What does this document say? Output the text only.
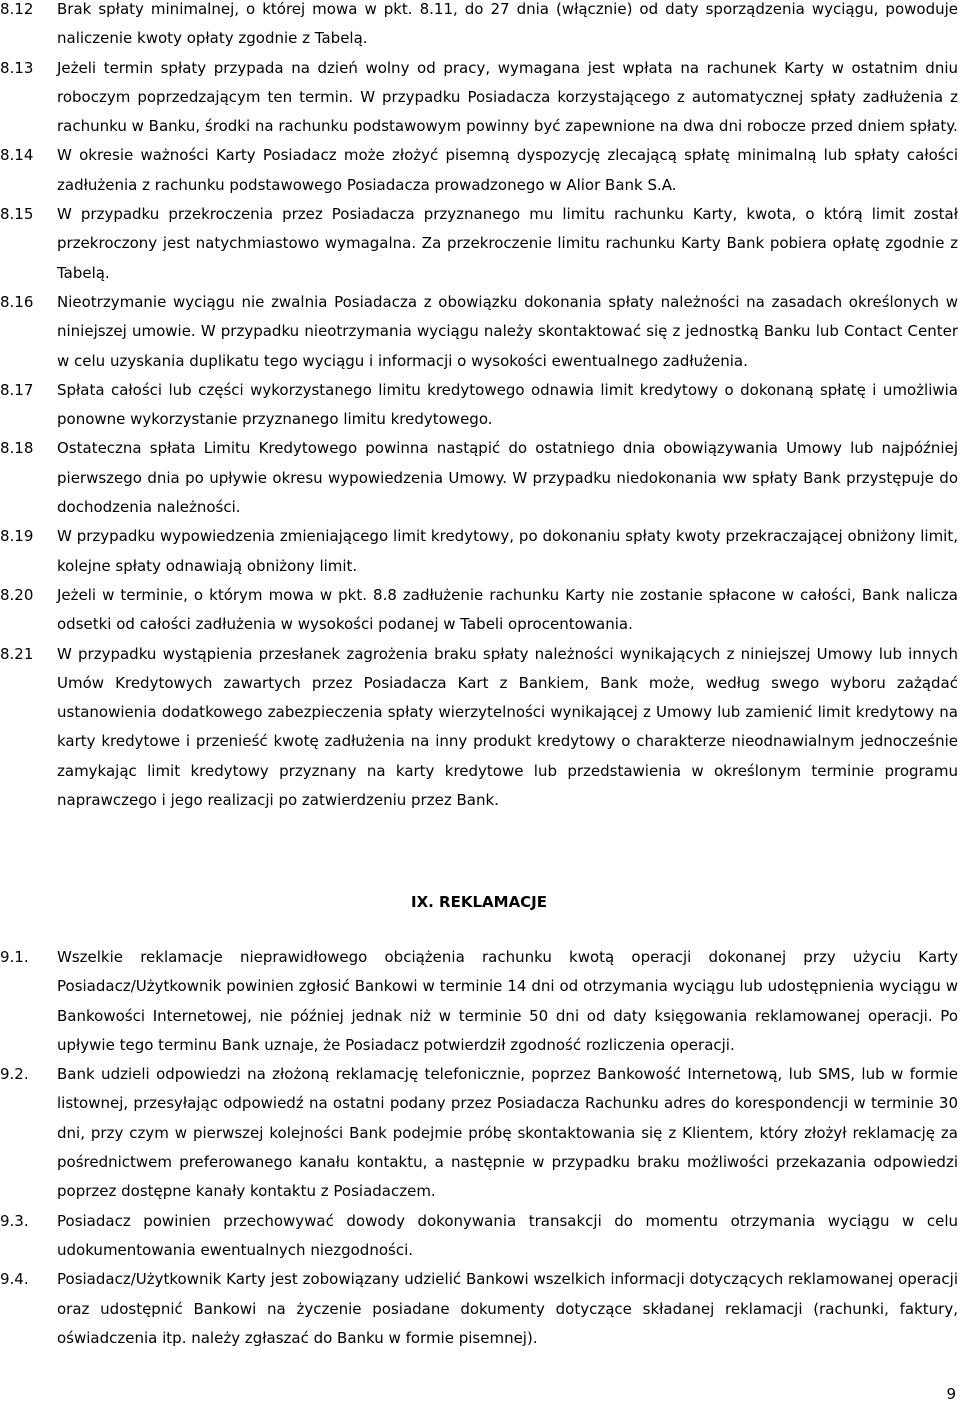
8.12	Brak spłaty minimalnej, o której mowa w pkt. 8.11, do 27 dnia (włącznie) od daty sporządzenia wyciągu, powoduje naliczenie kwoty opłaty zgodnie z Tabelą.
8.13	Jeżeli termin spłaty przypada na dzień wolny od pracy, wymagana jest wpłata na rachunek Karty w ostatnim dniu roboczym poprzedzającym ten termin. W przypadku Posiadacza korzystającego z automatycznej spłaty zadłużenia z rachunku w Banku, środki na rachunku podstawowym powinny być zapewnione na dwa dni robocze przed dniem spłaty.
8.14	W okresie ważności Karty Posiadacz może złożyć pisemną dyspozycję zlecającą spłatę minimalną lub spłaty całości zadłużenia z rachunku podstawowego Posiadacza prowadzonego w Alior Bank S.A.
8.15	W przypadku przekroczenia przez Posiadacza przyznanego mu limitu rachunku Karty, kwota, o którą limit został przekroczony jest natychmiastowo wymagalna. Za przekroczenie limitu rachunku Karty Bank pobiera opłatę zgodnie z Tabelą.
8.16	Nieotrzymanie wyciągu nie zwalnia Posiadacza z obowiązku dokonania spłaty należności na zasadach określonych w niniejszej umowie. W przypadku nieotrzymania wyciągu należy skontaktować się z jednostką Banku lub Contact Center w celu uzyskania duplikatu tego wyciągu i informacji o wysokości ewentualnego zadłużenia.
8.17	Spłata całości lub części wykorzystanego limitu kredytowego odnawia limit kredytowy o dokonaną spłatę i umożliwia ponowne wykorzystanie przyznanego limitu kredytowego.
8.18	Ostateczna spłata Limitu Kredytowego powinna nastąpić do ostatniego dnia obowiązywania Umowy lub najpóźniej pierwszego dnia po upływie okresu wypowiedzenia Umowy. W przypadku niedokonania ww spłaty Bank przystępuje do dochodzenia należności.
8.19	W przypadku wypowiedzenia zmieniającego limit kredytowy, po dokonaniu spłaty kwoty przekraczającej obniżony limit, kolejne spłaty odnawiają obniżony limit.
8.20	Jeżeli w terminie, o którym mowa w pkt. 8.8 zadłużenie rachunku Karty nie zostanie spłacone w całości, Bank nalicza odsetki od całości zadłużenia w wysokości podanej w Tabeli oprocentowania.
8.21	W przypadku wystąpienia przesłanek zagrożenia braku spłaty należności wynikających z niniejszej Umowy lub innych Umów Kredytowych zawartych przez Posiadacza Kart z Bankiem, Bank może, według swego wyboru zażądać ustanowienia dodatkowego zabezpieczenia spłaty wierzytelności wynikającej z Umowy lub zamienić limit kredytowy na karty kredytowe i przenieść kwotę zadłużenia na inny produkt kredytowy o charakterze nieodnawialnym jednocześnie zamykając limit kredytowy przyznany na karty kredytowe lub przedstawienia w określonym terminie programu naprawczego i jego realizacji po zatwierdzeniu przez Bank.
IX. REKLAMACJE
9.1.	Wszelkie reklamacje nieprawidłowego obciążenia rachunku kwotą operacji dokonanej przy użyciu Karty Posiadacz/Użytkownik powinien zgłosić Bankowi w terminie 14 dni od otrzymania wyciągu lub udostępnienia wyciągu w Bankowości Internetowej, nie później jednak niż w terminie 50 dni od daty księgowania reklamowanej operacji. Po upływie tego terminu Bank uznaje, że Posiadacz potwierdził zgodność rozliczenia operacji.
9.2.	Bank udzieli odpowiedzi na złożoną reklamację telefonicznie, poprzez Bankowość Internetową, lub SMS, lub w formie listownej, przesyłając odpowiedź na ostatni podany przez Posiadacza Rachunku adres do korespondencji w terminie 30 dni, przy czym w pierwszej kolejności Bank podejmie próbę skontaktowania się z Klientem, który złożył reklamację za pośrednictwem preferowanego kanału kontaktu, a następnie w przypadku braku możliwości przekazania odpowiedzi poprzez dostępne kanały kontaktu z Posiadaczem.
9.3.	Posiadacz powinien przechowywać dowody dokonywania transakcji do momentu otrzymania wyciągu w celu udokumentowania ewentualnych niezgodności.
9.4.	Posiadacz/Użytkownik Karty jest zobowiązany udzielić Bankowi wszelkich informacji dotyczących reklamowanej operacji oraz udostępnić Bankowi na życzenie posiadane dokumenty dotyczące składanej reklamacji (rachunki, faktury, oświadczenia itp. należy zgłaszać do Banku w formie pisemnej).
9
